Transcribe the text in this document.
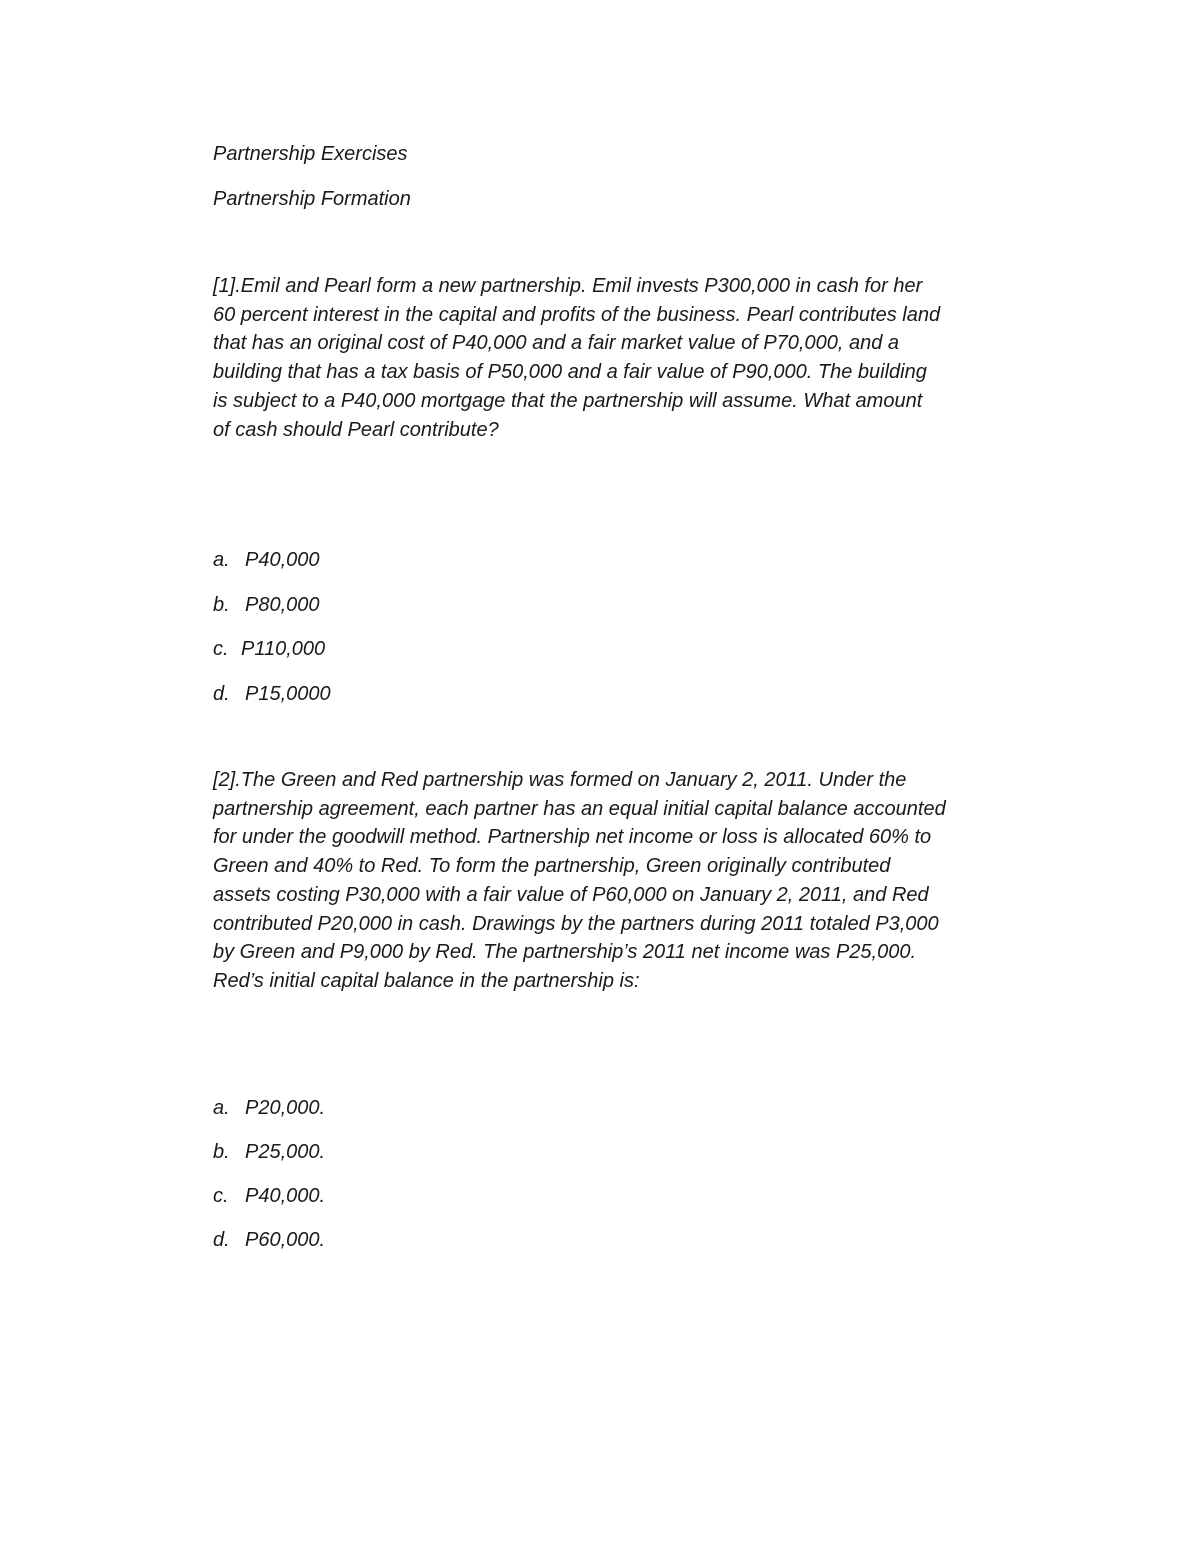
Partnership Exercises
Partnership Formation
[1].Emil and Pearl form a new partnership. Emil invests P300,000 in cash for her
60 percent interest in the capital and profits of the business. Pearl contributes land
that has an original cost of P40,000 and a fair market value of P70,000, and a
building that has a tax basis of P50,000 and a fair value of P90,000. The building
is subject to a P40,000 mortgage that the partnership will assume. What amount
of cash should Pearl contribute?
a. P40,000
b. P80,000
c. P110,000
d. P15,0000
[2].The Green and Red partnership was formed on January 2, 2011. Under the
partnership agreement, each partner has an equal initial capital balance accounted
for under the goodwill method. Partnership net income or loss is allocated 60% to
Green and 40% to Red. To form the partnership, Green originally contributed
assets costing P30,000 with a fair value of P60,000 on January 2, 2011, and Red
contributed P20,000 in cash. Drawings by the partners during 2011 totaled P3,000
by Green and P9,000 by Red. The partnership’s 2011 net income was P25,000.
Red’s initial capital balance in the partnership is:
a. P20,000.
b. P25,000.
c. P40,000.
d. P60,000.
